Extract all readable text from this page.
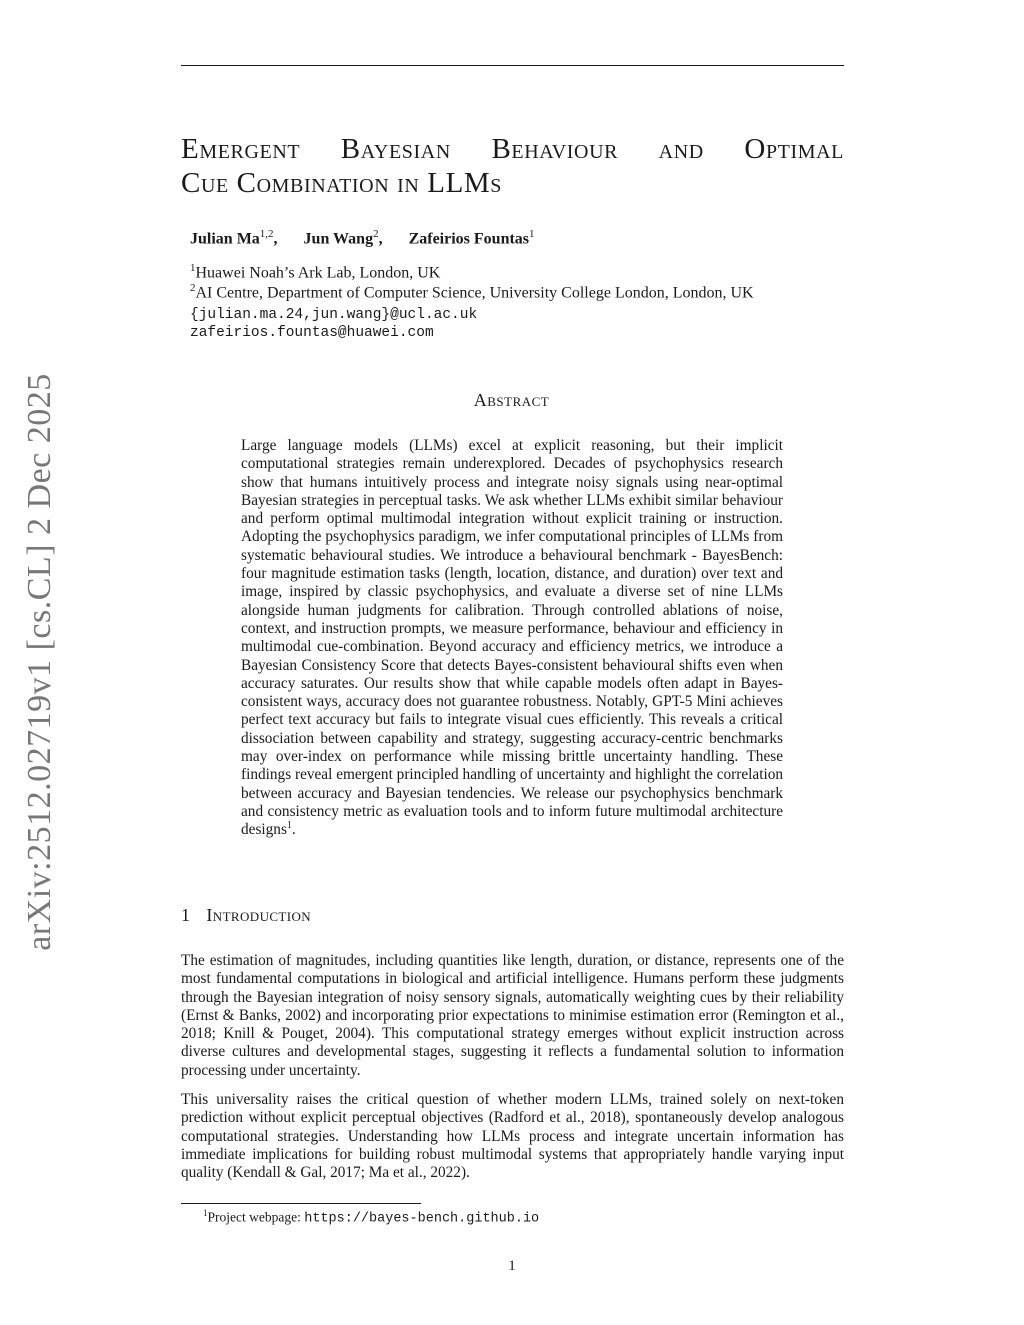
arXiv:2512.02719v1 [cs.CL] 2 Dec 2025
Emergent Bayesian Behaviour and Optimal
Cue Combination in LLMs
Julian Ma$^{1,2}$, Jun Wang$^2$, Zafeirios Fountas$^1$
$^1$Huawei Noah’s Ark Lab, London, UK
$^2$AI Centre, Department of Computer Science, University College London, London, UK
{julian.ma.24,jun.wang}@ucl.ac.uk
zafeirios.fountas@huawei.com
Abstract
Large language models (LLMs) excel at explicit reasoning, but their implicit computational strategies remain underexplored. Decades of psychophysics research show that humans intuitively process and integrate noisy signals using near-optimal Bayesian strategies in perceptual tasks. We ask whether LLMs exhibit similar behaviour and perform optimal multimodal integration without explicit training or instruction. Adopting the psychophysics paradigm, we infer computational principles of LLMs from systematic behavioural studies. We introduce a behavioural benchmark - BayesBench: four magnitude estimation tasks (length, location, distance, and duration) over text and image, inspired by classic psychophysics, and evaluate a diverse set of nine LLMs alongside human judgments for calibration. Through controlled ablations of noise, context, and instruction prompts, we measure performance, behaviour and efficiency in multimodal cue-combination. Beyond accuracy and efficiency metrics, we introduce a Bayesian Consistency Score that detects Bayes-consistent behavioural shifts even when accuracy saturates. Our results show that while capable models often adapt in Bayes-consistent ways, accuracy does not guarantee robustness. Notably, GPT-5 Mini achieves perfect text accuracy but fails to integrate visual cues efficiently. This reveals a critical dissociation between capability and strategy, suggesting accuracy-centric benchmarks may over-index on performance while missing brittle uncertainty handling. These findings reveal emergent principled handling of uncertainty and highlight the correlation between accuracy and Bayesian tendencies. We release our psychophysics benchmark and consistency metric as evaluation tools and to inform future multimodal architecture designs$^1$.
1 Introduction
The estimation of magnitudes, including quantities like length, duration, or distance, represents one of the most fundamental computations in biological and artificial intelligence. Humans perform these judgments through the Bayesian integration of noisy sensory signals, automatically weighting cues by their reliability (Ernst & Banks, 2002) and incorporating prior expectations to minimise estimation error (Remington et al., 2018; Knill & Pouget, 2004). This computational strategy emerges without explicit instruction across diverse cultures and developmental stages, suggesting it reflects a fundamental solution to information processing under uncertainty.
This universality raises the critical question of whether modern LLMs, trained solely on next-token prediction without explicit perceptual objectives (Radford et al., 2018), spontaneously develop analogous computational strategies. Understanding how LLMs process and integrate uncertain information has immediate implications for building robust multimodal systems that appropriately handle varying input quality (Kendall & Gal, 2017; Ma et al., 2022).
$^1$Project webpage: https://bayes-bench.github.io
1
